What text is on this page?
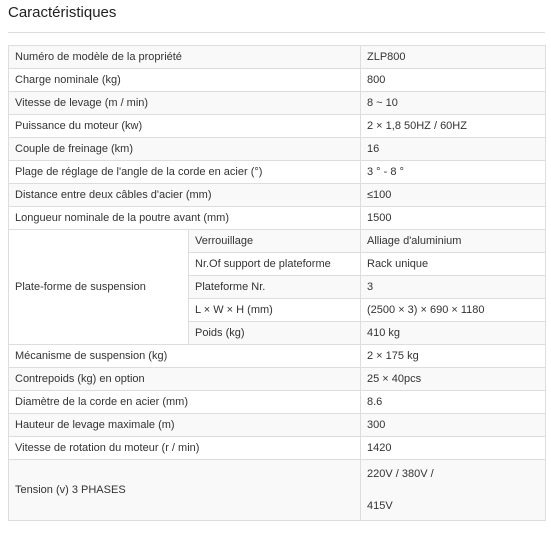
Caractéristiques
Numéro de modèle de la propriété		ZLP800
Charge nominale (kg)		800
Vitesse de levage (m / min)		8 ~ 10
Puissance du moteur (kw)		2 × 1,8 50HZ / 60HZ
Couple de freinage (km)		16
Plage de réglage de l'angle de la corde en acier (°)		3 ° - 8 °
Distance entre deux câbles d'acier (mm)		≤100
Longueur nominale de la poutre avant (mm)		1500
Plate-forme de suspension	Verrouillage	Alliage d'aluminium
	Nr.Of support de plateforme	Rack unique
	Plateforme Nr.	3
	L × W × H (mm)	(2500 × 3) × 690 × 1180
	Poids (kg)	410 kg
Mécanisme de suspension (kg)		2 × 175 kg
Contrepoids (kg) en option		25 × 40pcs
Diamètre de la corde en acier (mm)		8.6
Hauteur de levage maximale (m)		300
Vitesse de rotation du moteur (r / min)		1420
Tension (v) 3 PHASES		220V / 380V /
415V
